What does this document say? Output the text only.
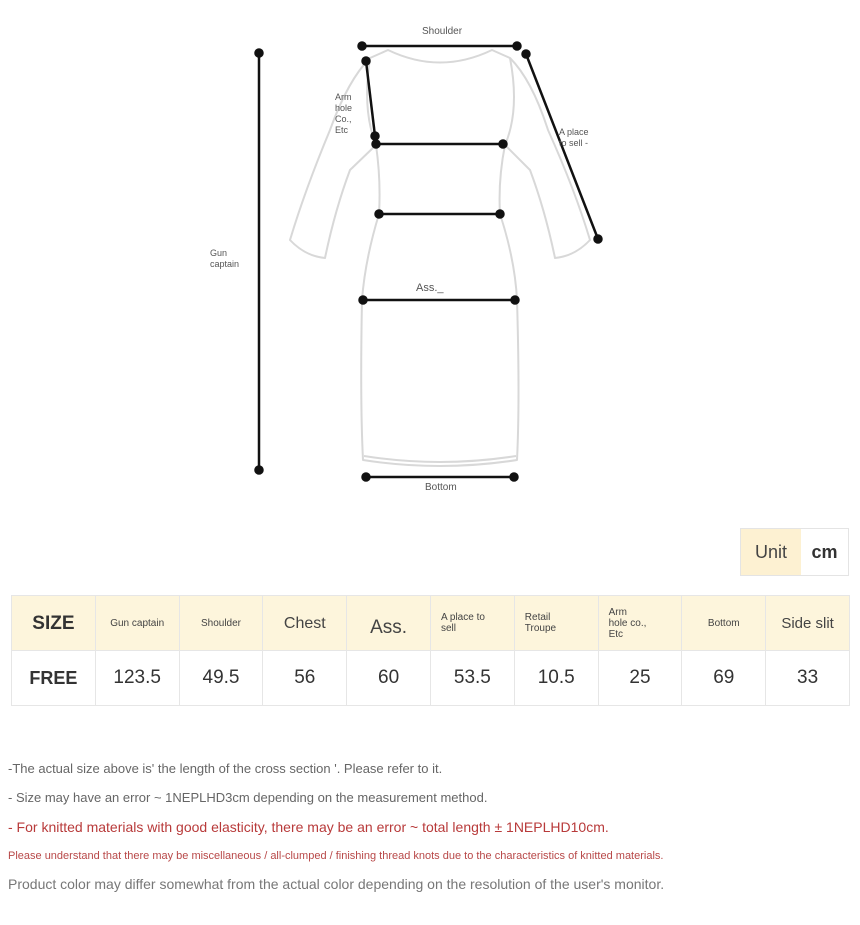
Shoulder
Arm
hole
Co.,
Etc	A place
to sell -
Gun
captain
Ass._
Bottom
Unit	cm
SIZE	Gun captain	Shoulder	Chest	Ass.	A place to
sell	Retail
Troupe	Arm
hole co.,
Etc	Bottom	Side slit
FREE	123.5	49.5	56	60	53.5	10.5	25	69	33
-The actual size above is' the length of the cross section '. Please refer to it.
- Size may have an error ~ 1NEPLHD3cm depending on the measurement method.
- For knitted materials with good elasticity, there may be an error ~ total length ± 1NEPLHD10cm.
Please understand that there may be miscellaneous / all-clumped / finishing thread knots due to the characteristics of knitted materials.
Product color may differ somewhat from the actual color depending on the resolution of the user's monitor.
